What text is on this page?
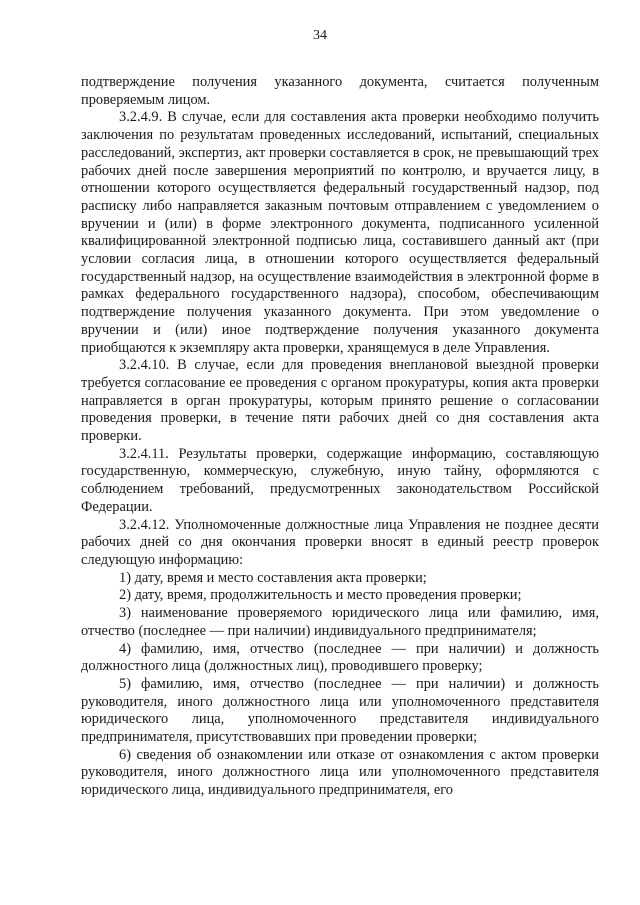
34

подтверждение получения указанного документа, считается полученным проверяемым лицом.

3.2.4.9. В случае, если для составления акта проверки необходимо получить заключения по результатам проведенных исследований, испытаний, специальных расследований, экспертиз, акт проверки составляется в срок, не превышающий трех рабочих дней после завершения мероприятий по контролю, и вручается лицу, в отношении которого осуществляется федеральный государственный надзор, под расписку либо направляется заказным почтовым отправлением с уведомлением о вручении и (или) в форме электронного документа, подписанного усиленной квалифицированной электронной подписью лица, составившего данный акт (при условии согласия лица, в отношении которого осуществляется федеральный государственный надзор, на осуществление взаимодействия в электронной форме в рамках федерального государственного надзора), способом, обеспечивающим подтверждение получения указанного документа. При этом уведомление о вручении и (или) иное подтверждение получения указанного документа приобщаются к экземпляру акта проверки, хранящемуся в деле Управления.

3.2.4.10. В случае, если для проведения внеплановой выездной проверки требуется согласование ее проведения с органом прокуратуры, копия акта проверки направляется в орган прокуратуры, которым принято решение о согласовании проведения проверки, в течение пяти рабочих дней со дня составления акта проверки.

3.2.4.11. Результаты проверки, содержащие информацию, составляющую государственную, коммерческую, служебную, иную тайну, оформляются с соблюдением требований, предусмотренных законодательством Российской Федерации.

3.2.4.12. Уполномоченные должностные лица Управления не позднее десяти рабочих дней со дня окончания проверки вносят в единый реестр проверок следующую информацию:

1) дату, время и место составления акта проверки;

2) дату, время, продолжительность и место проведения проверки;

3) наименование проверяемого юридического лица или фамилию, имя, отчество (последнее — при наличии) индивидуального предпринимателя;

4) фамилию, имя, отчество (последнее — при наличии) и должность должностного лица (должностных лиц), проводившего проверку;

5) фамилию, имя, отчество (последнее — при наличии) и должность руководителя, иного должностного лица или уполномоченного представителя юридического лица, уполномоченного представителя индивидуального предпринимателя, присутствовавших при проведении проверки;

6) сведения об ознакомлении или отказе от ознакомления с актом проверки руководителя, иного должностного лица или уполномоченного представителя юридического лица, индивидуального предпринимателя, его
